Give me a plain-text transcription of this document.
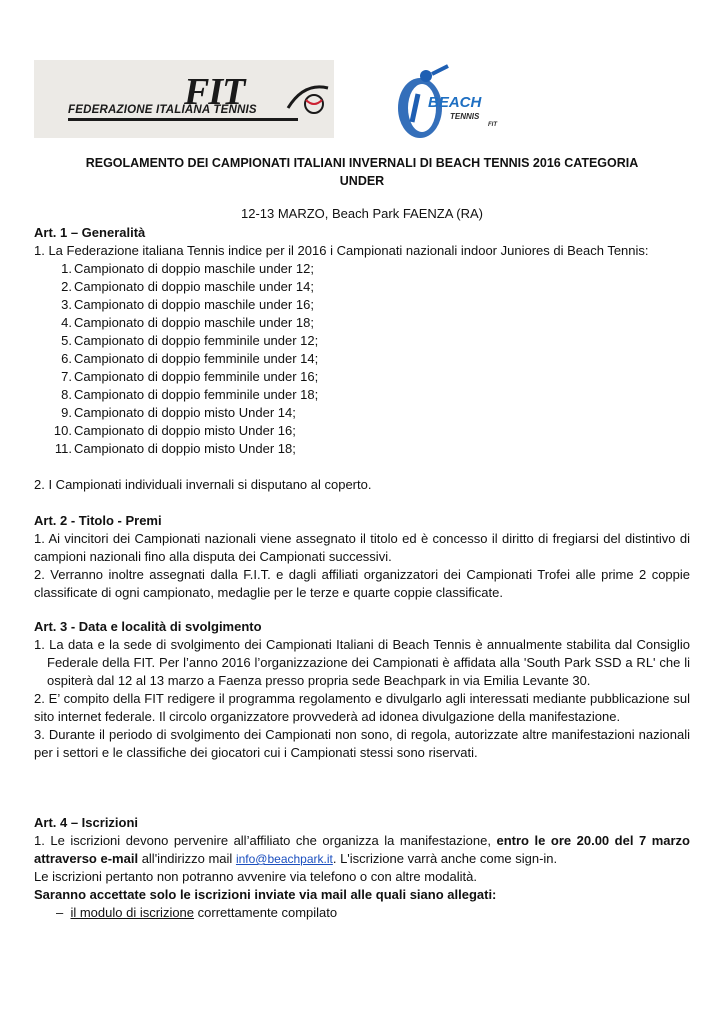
FIT
FEDERAZIONE ITALIANA TENNIS	BEACH
TENNIS
FIT
REGOLAMENTO DEI CAMPIONATI ITALIANI INVERNALI DI BEACH TENNIS 2016 CATEGORIA
UNDER
12-13 MARZO, Beach Park FAENZA (RA)
Art. 1 – Generalità
1. La Federazione italiana Tennis indice per il 2016 i Campionati nazionali indoor Juniores di Beach Tennis:
1. Campionato di doppio maschile under 12;
2. Campionato di doppio maschile under 14;
3. Campionato di doppio maschile under 16;
4. Campionato di doppio maschile under 18;
5. Campionato di doppio femminile under 12;
6. Campionato di doppio femminile under 14;
7. Campionato di doppio femminile under 16;
8. Campionato di doppio femminile under 18;
9. Campionato di doppio misto Under 14;
10. Campionato di doppio misto Under 16;
11. Campionato di doppio misto Under 18;
2. I Campionati individuali invernali si disputano al coperto.
Art. 2 - Titolo - Premi
1. Ai vincitori dei Campionati nazionali viene assegnato il titolo ed è concesso il diritto di fregiarsi del distintivo di campioni nazionali fino alla disputa dei Campionati successivi.
2. Verranno inoltre assegnati dalla F.I.T. e dagli affiliati organizzatori dei Campionati Trofei alle prime 2 coppie classificate di ogni campionato, medaglie per le terze e quarte coppie classificate.
Art. 3 - Data e località di svolgimento
1. La data e la sede di svolgimento dei Campionati Italiani di Beach Tennis è annualmente stabilita dal Consiglio Federale della FIT. Per l’anno 2016 l’organizzazione dei Campionati è affidata alla 'South Park SSD a RL' che li ospiterà dal 12 al 13 marzo a Faenza presso propria sede Beachpark in via Emilia Levante 30.
2. E’ compito della FIT redigere il programma regolamento e divulgarlo agli interessati mediante pubblicazione sul sito internet federale. Il circolo organizzatore provvederà ad idonea divulgazione della manifestazione.
3. Durante il periodo di svolgimento dei Campionati non sono, di regola, autorizzate altre manifestazioni nazionali per i settori e le classifiche dei giocatori cui i Campionati stessi sono riservati.
Art. 4 – Iscrizioni
1. Le iscrizioni devono pervenire all’affiliato che organizza la manifestazione, entro le ore 20.00 del 7 marzo attraverso e-mail all'indirizzo mail info@beachpark.it. L'iscrizione varrà anche come sign-in.
Le iscrizioni pertanto non potranno avvenire via telefono o con altre modalità.
Saranno accettate solo le iscrizioni inviate via mail alle quali siano allegati:
– il modulo di iscrizione correttamente compilato
